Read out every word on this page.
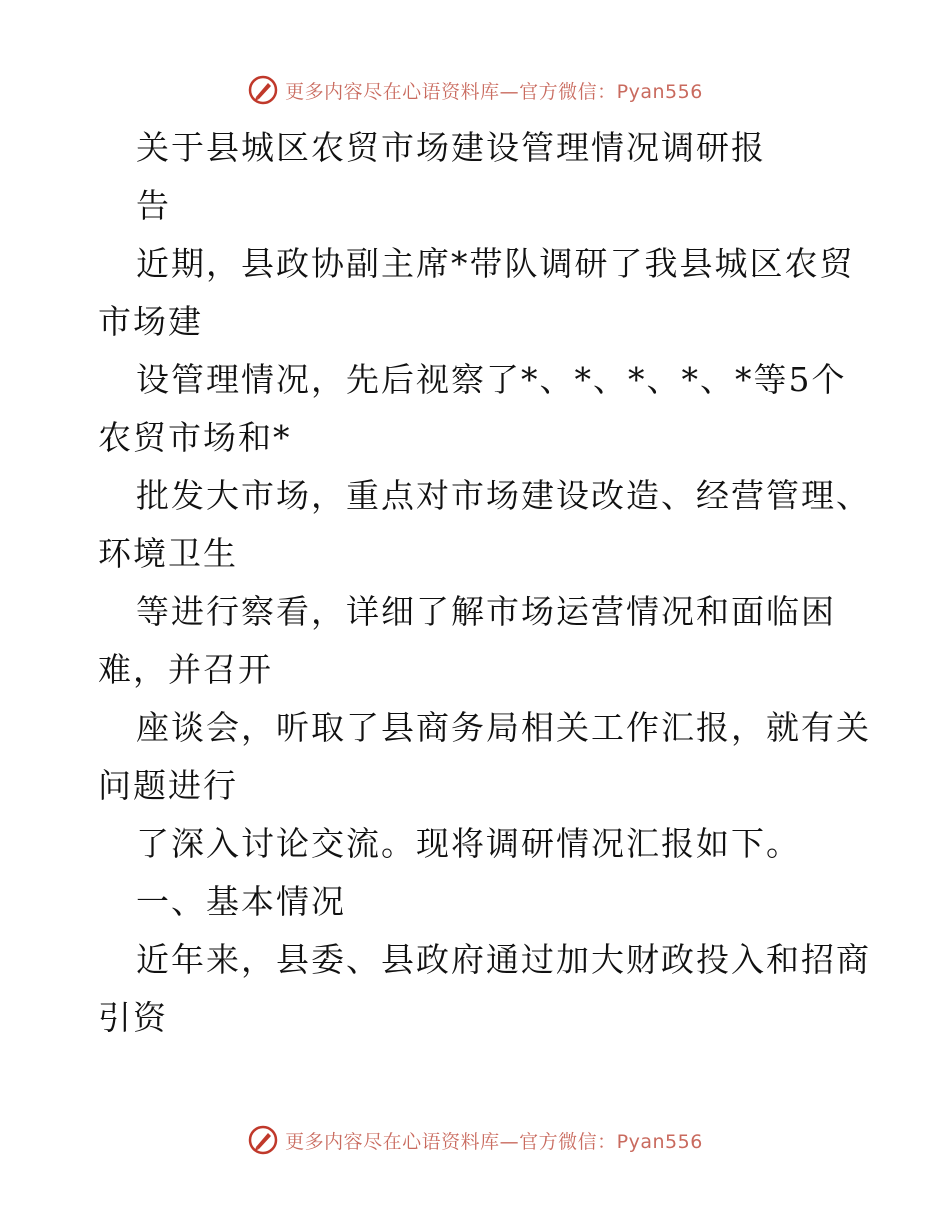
更多内容尽在心语资料库—官方微信：Pyan556
关于县城区农贸市场建设管理情况调研报
告
近期，县政协副主席*带队调研了我县城区农贸
市场建
设管理情况，先后视察了*、*、*、*、*等5个
农贸市场和*
批发大市场，重点对市场建设改造、经营管理、
环境卫生
等进行察看，详细了解市场运营情况和面临困
难，并召开
座谈会，听取了县商务局相关工作汇报，就有关
问题进行
了深入讨论交流。现将调研情况汇报如下。
一、基本情况
近年来，县委、县政府通过加大财政投入和招商
引资
更多内容尽在心语资料库—官方微信：Pyan556
